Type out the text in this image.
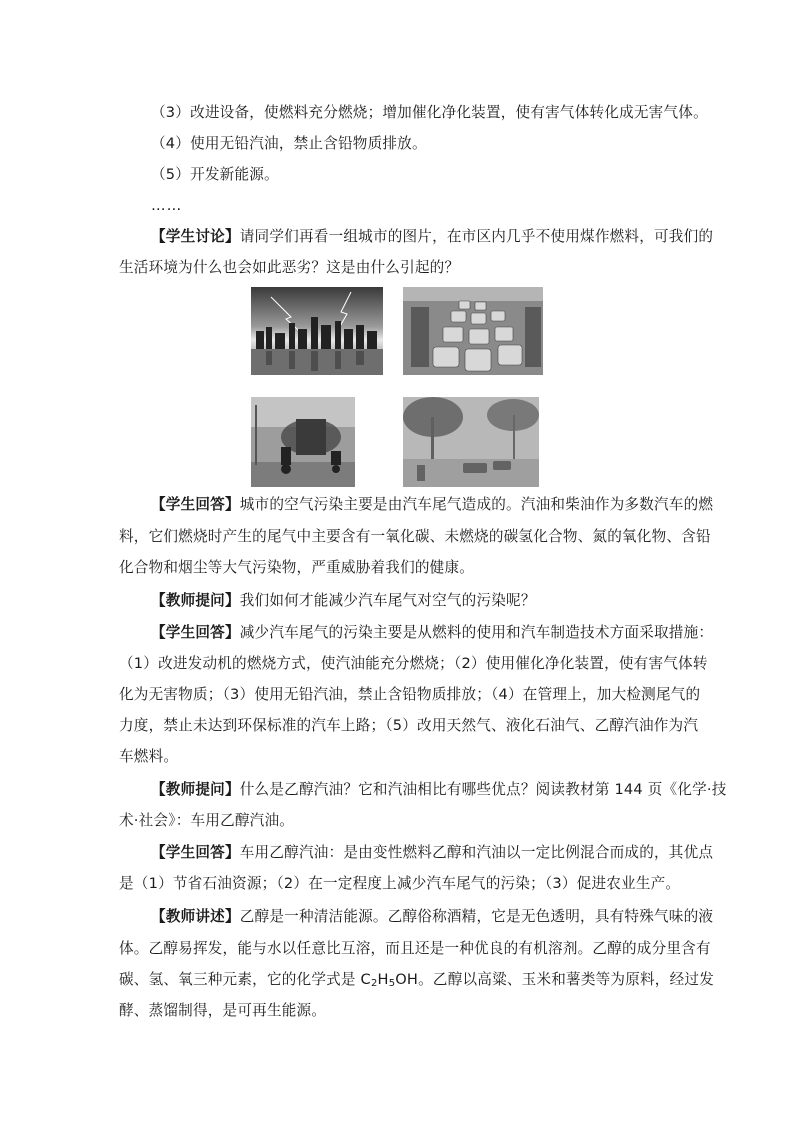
（3）改进设备，使燃料充分燃烧；增加催化净化装置，使有害气体转化成无害气体。
（4）使用无铅汽油，禁止含铅物质排放。
（5）开发新能源。
……
【学生讨论】请同学们再看一组城市的图片，在市区内几乎不使用煤作燃料，可我们的
生活环境为什么也会如此恶劣？这是由什么引起的？
【学生回答】城市的空气污染主要是由汽车尾气造成的。汽油和柴油作为多数汽车的燃
料，它们燃烧时产生的尾气中主要含有一氧化碳、未燃烧的碳氢化合物、氮的氧化物、含铅
化合物和烟尘等大气污染物，严重威胁着我们的健康。
【教师提问】我们如何才能减少汽车尾气对空气的污染呢？
【学生回答】减少汽车尾气的污染主要是从燃料的使用和汽车制造技术方面采取措施：
（1）改进发动机的燃烧方式，使汽油能充分燃烧；（2）使用催化净化装置，使有害气体转
化为无害物质；（3）使用无铅汽油，禁止含铅物质排放；（4）在管理上，加大检测尾气的
力度，禁止未达到环保标准的汽车上路；（5）改用天然气、液化石油气、乙醇汽油作为汽
车燃料。
【教师提问】什么是乙醇汽油？它和汽油相比有哪些优点？阅读教材第 144 页《化学·技
术·社会》：车用乙醇汽油。
【学生回答】车用乙醇汽油：是由变性燃料乙醇和汽油以一定比例混合而成的，其优点
是（1）节省石油资源；（2）在一定程度上减少汽车尾气的污染；（3）促进农业生产。
【教师讲述】乙醇是一种清洁能源。乙醇俗称酒精，它是无色透明，具有特殊气味的液
体。乙醇易挥发，能与水以任意比互溶，而且还是一种优良的有机溶剂。乙醇的成分里含有
碳、氢、氧三种元素，它的化学式是 $C_2H_5OH$。乙醇以高粱、玉米和薯类等为原料，经过发
酵、蒸馏制得，是可再生能源。
